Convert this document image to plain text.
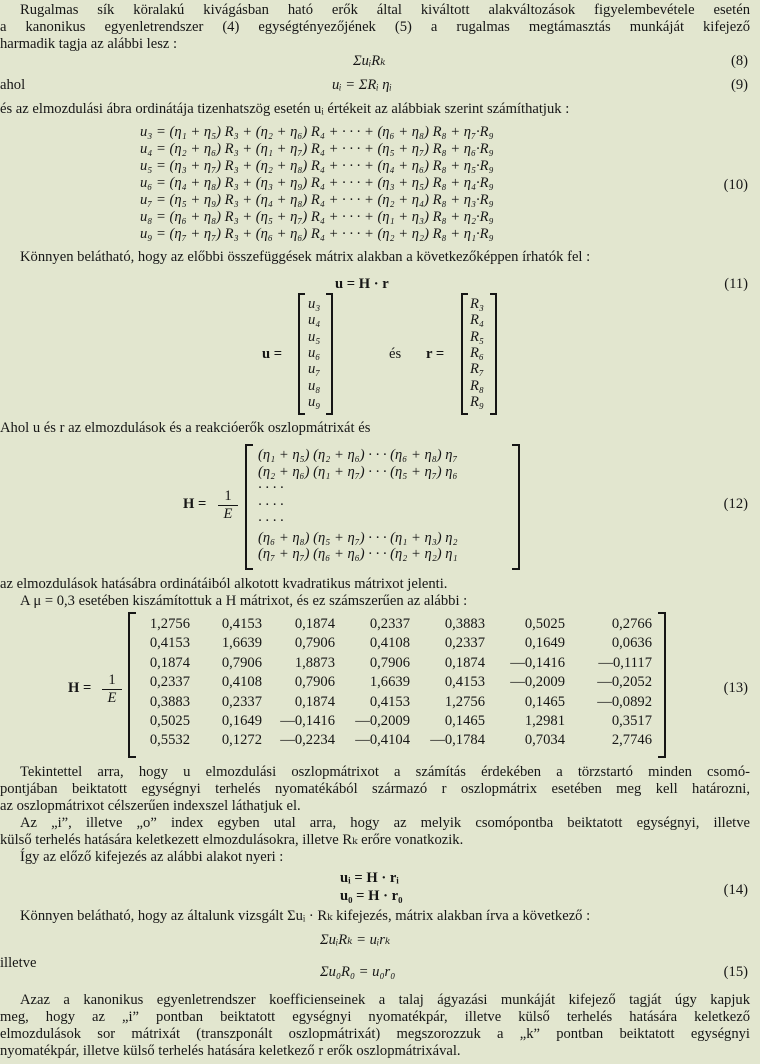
Rugalmas sík köralakú kivágásban ható erők által kiváltott alakváltozások figyelembevétele esetén
a kanonikus egyenletrendszer (4) egységtényezőjének (5) a rugalmas megtámasztás munkáját kifejező
harmadik tagja az alábbi lesz :
ΣuᵢRₖ	(8)
ahol	uᵢ = ΣRᵢ ηᵢ	(9)
és az elmozdulási ábra ordinátája tizenhatszög esetén uᵢ értékeit az alábbiak szerint számíthatjuk :
u₃ = (η₁ + η₅) R₃ + (η₂ + η₆) R₄ + · · · + (η₆ + η₈) R₈ + η₇·R₉
u₄ = (η₂ + η₆) R₃ + (η₁ + η₇) R₄ + · · · + (η₅ + η₇) R₈ + η₆·R₉
u₅ = (η₃ + η₇) R₃ + (η₂ + η₈) R₄ + · · · + (η₄ + η₆) R₈ + η₅·R₉
u₆ = (η₄ + η₈) R₃ + (η₃ + η₉) R₄ + · · · + (η₃ + η₅) R₈ + η₄·R₉
u₇ = (η₅ + η₉) R₃ + (η₄ + η₈) R₄ + · · · + (η₂ + η₄) R₈ + η₃·R₉
u₈ = (η₆ + η₈) R₃ + (η₅ + η₇) R₄ + · · · + (η₁ + η₃) R₈ + η₂·R₉
u₉ = (η₇ + η₇) R₃ + (η₆ + η₆) R₄ + · · · + (η₂ + η₂) R₈ + η₁·R₉
(10)
Könnyen belátható, hogy az előbbi összefüggések mátrix alakban a következőképpen írhatók fel :
u = H · r	(11)
u =
u₃
u₄
u₅
u₆
u₇
u₈
u₉
és r =
R₃
R₄
R₅
R₆
R₇
R₈
R₉
Ahol u és r az elmozdulások és a reakcióerők oszlopmátrixát és
$H = \frac{1}{E}$
(η₁ + η₅) (η₂ + η₆) · · · (η₆ + η₈) η₇
(η₂ + η₆) (η₁ + η₇) · · · (η₅ + η₇) η₆
· · · ·
· · · ·
· · · ·
(η₆ + η₈) (η₅ + η₇) · · · (η₁ + η₃) η₂
(η₇ + η₇) (η₆ + η₆) · · · (η₂ + η₂) η₁
(12)
az elmozdulások hatásábra ordinátáiból alkotott kvadratikus mátrixot jelenti.
A μ = 0,3 esetében kiszámítottuk a H mátrixot, és ez számszerűen az alábbi :
$H = \frac{1}{E}$
1,2756	0,4153	0,1874	0,2337	0,3883	0,5025	0,2766
0,4153	1,6639	0,7906	0,4108	0,2337	0,1649	0,0636
0,1874	0,7906	1,8873	0,7906	0,1874	—0,1416	—0,1117
0,2337	0,4108	0,7906	1,6639	0,4153	—0,2009	—0,2052
0,3883	0,2337	0,1874	0,4153	1,2756	0,1465	—0,0892
0,5025	0,1649	—0,1416	—0,2009	0,1465	1,2981	0,3517
0,5532	0,1272	—0,2234	—0,4104	—0,1784	0,7034	2,7746
(13)
Tekintettel arra, hogy u elmozdulási oszlopmátrixot a számítás érdekében a törzstartó minden csomó-
pontjában beiktatott egységnyi terhelés nyomatékából származó r oszlopmátrix esetében meg kell határozni,
az oszlopmátrixot célszerűen indexszel láthatjuk el.
Az „i”, illetve „o” index egyben utal arra, hogy az melyik csomópontba beiktatott egységnyi, illetve
külső terhelés hatására keletkezett elmozdulásokra, illetve Rₖ erőre vonatkozik.
Így az előző kifejezés az alábbi alakot nyeri :
uᵢ = H · rᵢ
u₀ = H · r₀	(14)
Könnyen belátható, hogy az általunk vizsgált Σuᵢ · Rₖ kifejezés, mátrix alakban írva a következő :
ΣuᵢRₖ = uᵢrₖ
illetve
Σu₀R₀ = u₀r₀	(15)
Azaz a kanonikus egyenletrendszer koefficienseinek a talaj ágyazási munkáját kifejező tagját úgy kapjuk
meg, hogy az „i” pontban beiktatott egységnyi nyomatékpár, illetve külső terhelés hatására keletkező
elmozdulások sor mátrixát (transzponált oszlopmátrixát) megszorozzuk a „k” pontban beiktatott egységnyi
nyomatékpár, illetve külső terhelés hatására keletkező r erők oszlopmátrixával.
